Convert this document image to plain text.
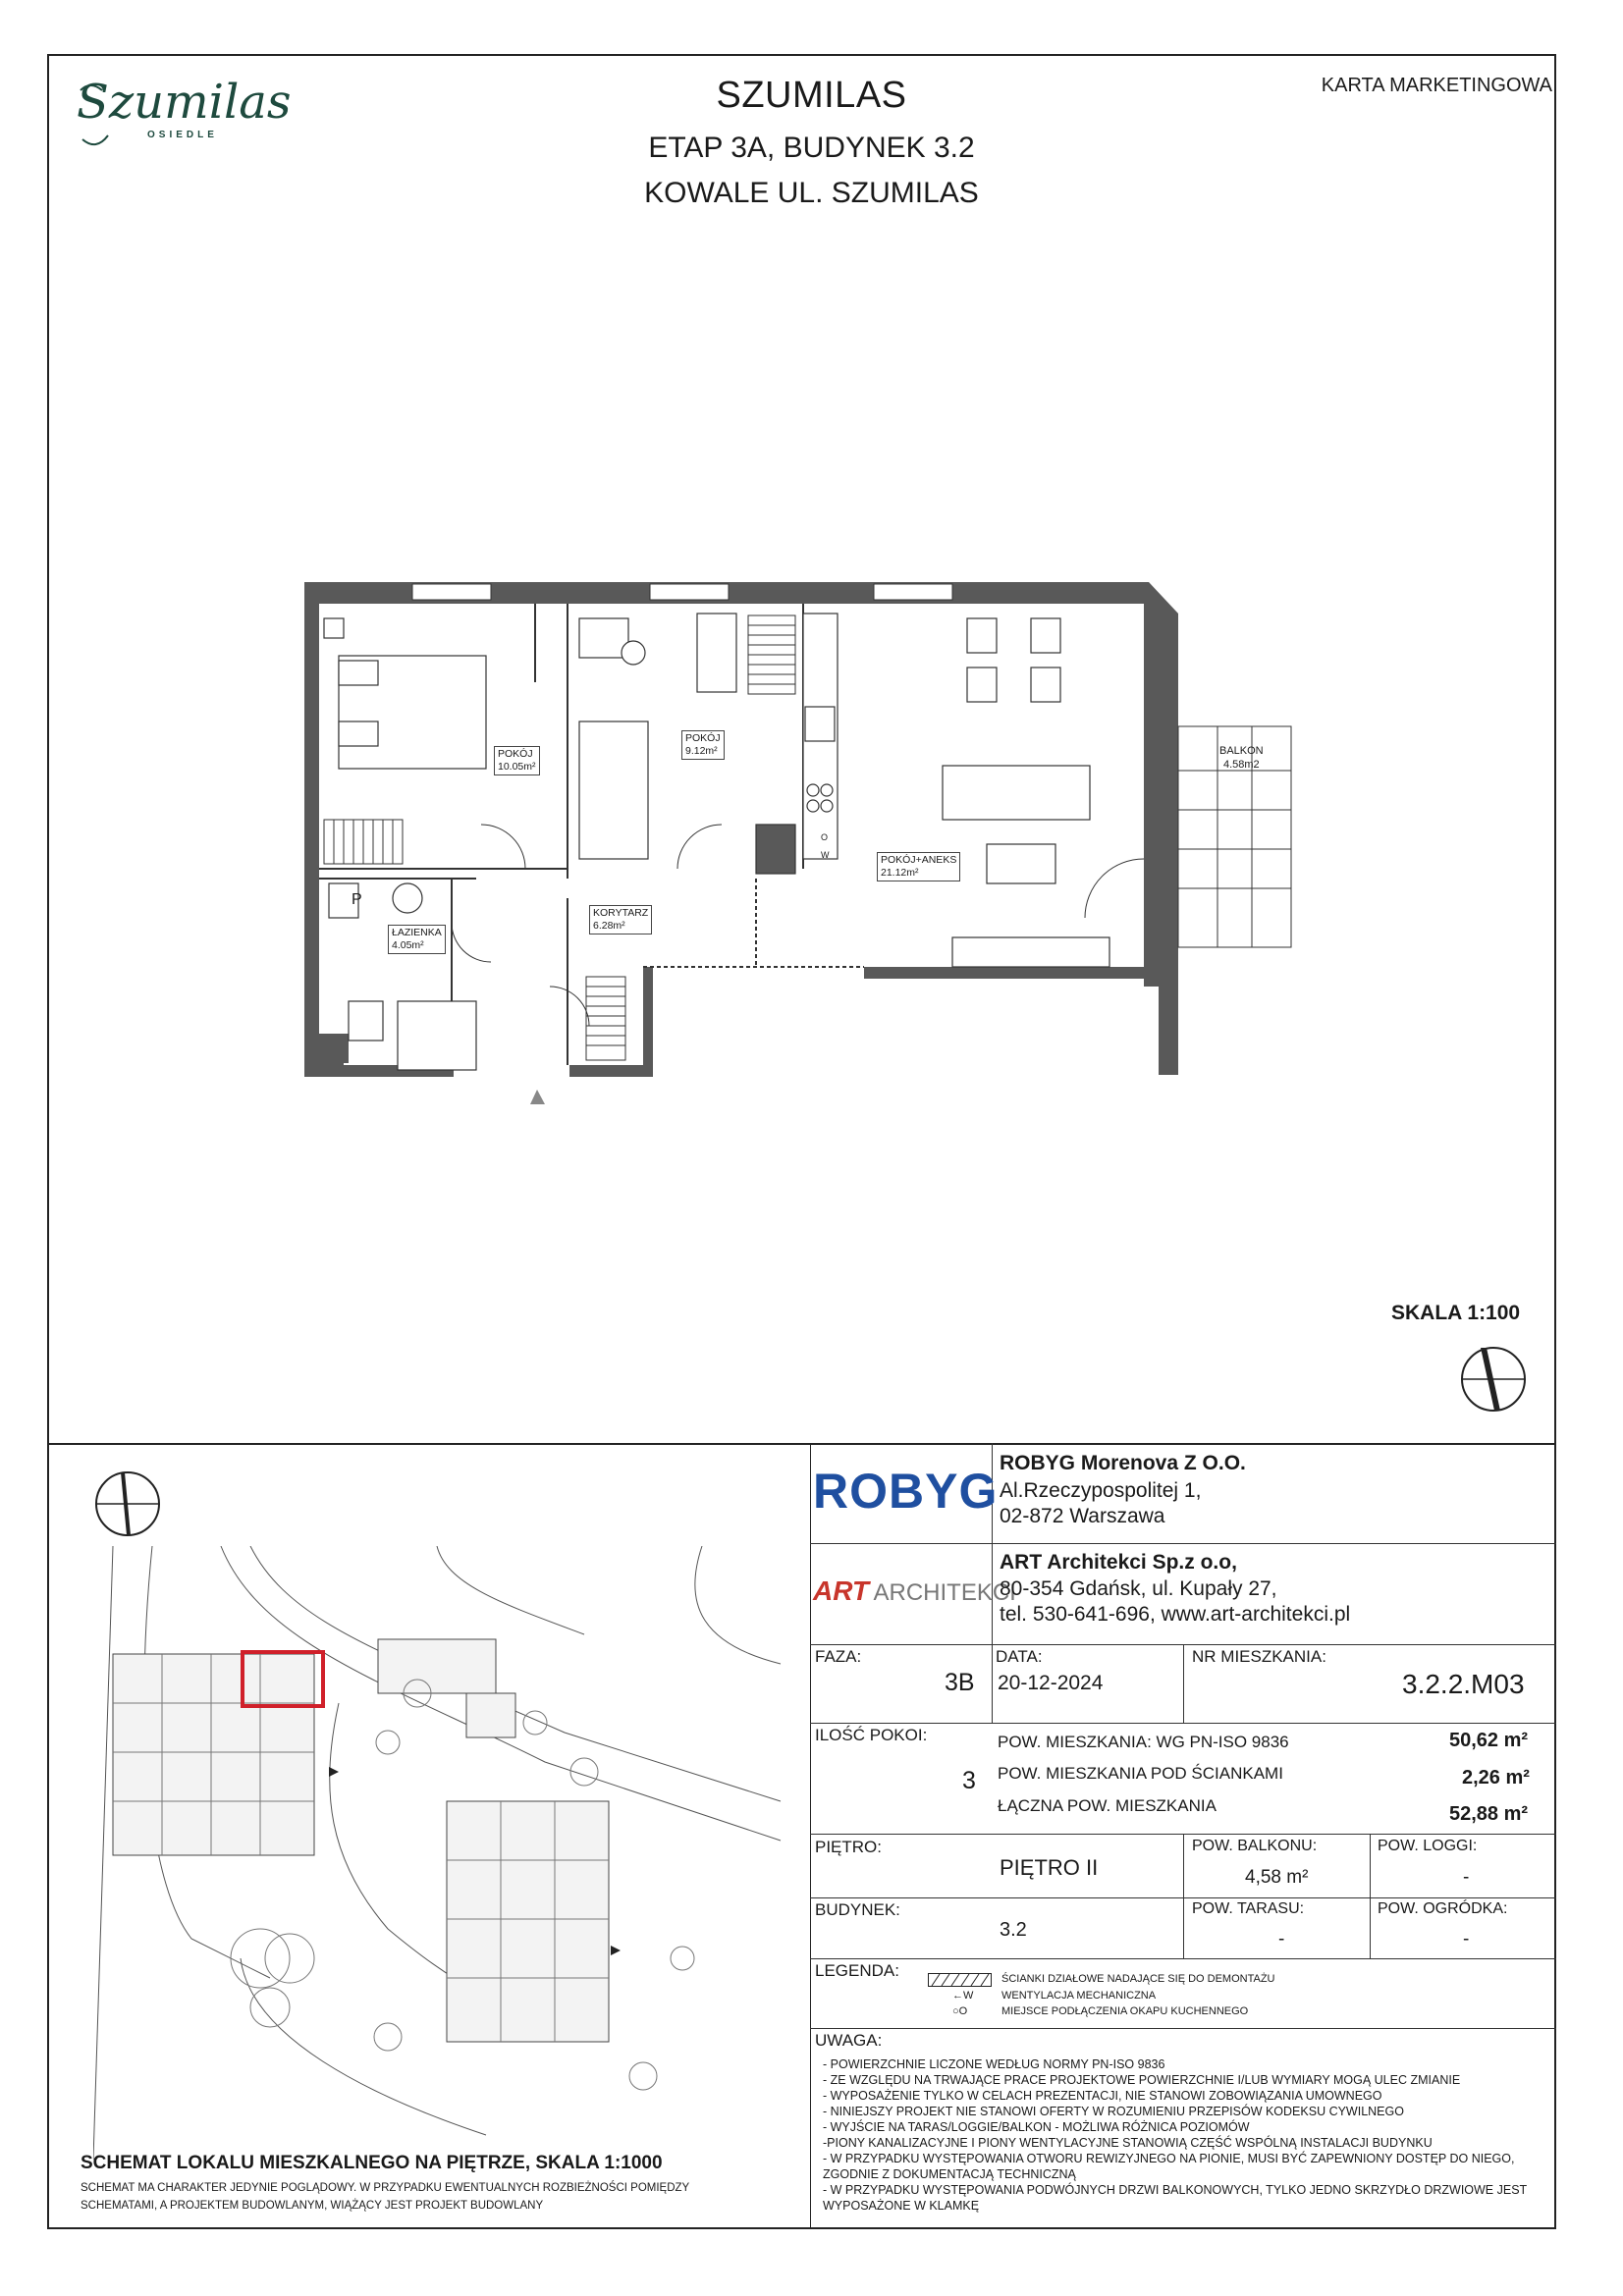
Szumilas
OSIEDLE
SZUMILAS
ETAP 3A, BUDYNEK 3.2
KOWALE UL. SZUMILAS
KARTA MARKETINGOWA
POKÓJ
10.05m²
POKÓJ
9.12m²
POKÓJ+ANEKS
21.12m²
BALKON
4.58m2
KORYTARZ
6.28m²
ŁAZIENKA
4.05m²
P
O
W
SKALA 1:100
SCHEMAT LOKALU MIESZKALNEGO NA PIĘTRZE, SKALA 1:1000
SCHEMAT MA CHARAKTER JEDYNIE POGLĄDOWY. W PRZYPADKU EWENTUALNYCH ROZBIEŻNOŚCI POMIĘDZY
SCHEMATAMI, A PROJEKTEM BUDOWLANYM, WIĄŻĄCY JEST PROJEKT BUDOWLANY
ROBYG
ROBYG Morenova Z O.O.
Al.Rzeczypospolitej 1,
02-872 Warszawa
ART ARCHITEKCI
ART Architekci Sp.z o.o,
80-354 Gdańsk, ul. Kupały 27,
tel. 530-641-696, www.art-architekci.pl
FAZA:
3B
DATA:
20-12-2024
NR MIESZKANIA:
3.2.2.M03
ILOŚĆ POKOI:
3
POW. MIESZKANIA: WG PN-ISO 9836	50,62 m²
POW. MIESZKANIA POD ŚCIANKAMI	2,26 m²
ŁĄCZNA POW. MIESZKANIA	52,88 m²
PIĘTRO:
PIĘTRO II
POW. BALKONU:
4,58 m²
POW. LOGGI:
-
BUDYNEK:
3.2
POW. TARASU:
-
POW. OGRÓDKA:
-
LEGENDA:	ŚCIANKI DZIAŁOWE NADAJĄCE SIĘ DO DEMONTAŻU
←W	WENTYLACJA MECHANICZNA
○O	MIEJSCE PODŁĄCZENIA OKAPU KUCHENNEGO
UWAGA:
- POWIERZCHNIE LICZONE WEDŁUG NORMY PN-ISO 9836
- ZE WZGLĘDU NA TRWAJĄCE PRACE PROJEKTOWE POWIERZCHNIE I/LUB WYMIARY MOGĄ ULEC ZMIANIE
- WYPOSAŻENIE TYLKO W CELACH PREZENTACJI, NIE STANOWI ZOBOWIĄZANIA UMOWNEGO
- NINIEJSZY PROJEKT NIE STANOWI OFERTY W ROZUMIENIU PRZEPISÓW KODEKSU CYWILNEGO
- WYJŚCIE NA TARAS/LOGGIE/BALKON - MOŻLIWA RÓŻNICA POZIOMÓW
-PIONY KANALIZACYJNE I PIONY WENTYLACYJNE STANOWIĄ CZĘŚĆ WSPÓLNĄ INSTALACJI BUDYNKU
- W PRZYPADKU WYSTĘPOWANIA OTWORU REWIZYJNEGO NA PIONIE, MUSI BYĆ ZAPEWNIONY DOSTĘP DO NIEGO, ZGODNIE Z DOKUMENTACJĄ TECHNICZNĄ
- W PRZYPADKU WYSTĘPOWANIA PODWÓJNYCH DRZWI BALKONOWYCH, TYLKO JEDNO SKRZYDŁO DRZWIOWE JEST WYPOSAŻONE W KLAMKĘ
